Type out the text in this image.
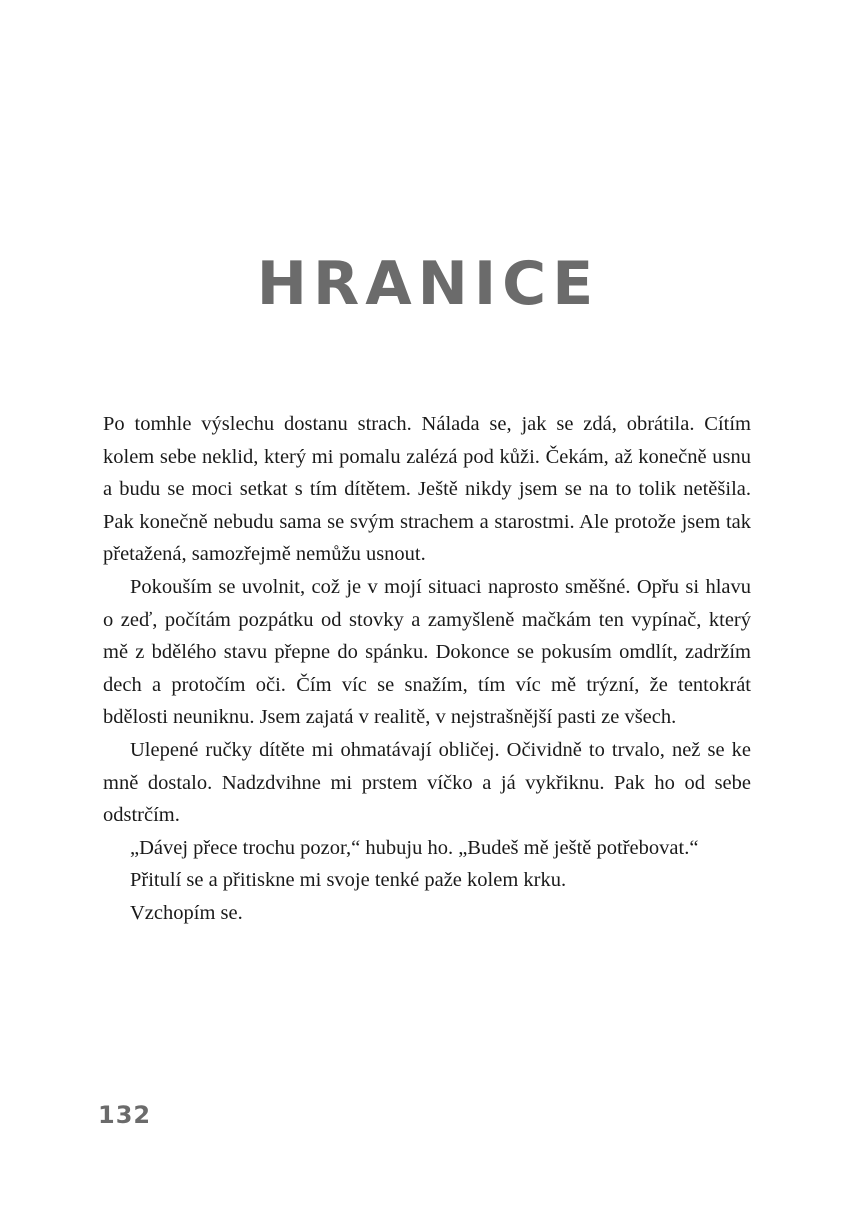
HRANICE

Po tomhle výslechu dostanu strach. Nálada se, jak se zdá, obrátila. Cítím kolem sebe neklid, který mi pomalu zalézá pod kůži. Čekám, až konečně usnu a budu se moci setkat s tím dítětem. Ještě nikdy jsem se na to tolik netěšila. Pak konečně nebudu sama se svým strachem a starostmi. Ale protože jsem tak přetažená, samozřejmě nemůžu usnout.

Pokouším se uvolnit, což je v mojí situaci naprosto směšné. Opřu si hlavu o zeď, počítám pozpátku od stovky a zamyšleně mačkám ten vypínač, který mě z bdělého stavu přepne do spánku. Dokonce se pokusím omdlít, zadržím dech a protočím oči. Čím víc se snažím, tím víc mě trýzní, že tentokrát bdělosti neuniknu. Jsem zajatá v realitě, v nejstrašnější pasti ze všech.

Ulepené ručky dítěte mi ohmatávají obličej. Očividně to trvalo, než se ke mně dostalo. Nadzdvihne mi prstem víčko a já vykřiknu. Pak ho od sebe odstrčím.

„Dávej přece trochu pozor,“ hubuju ho. „Budeš mě ještě potřebovat.“

Přitulí se a přitiskne mi svoje tenké paže kolem krku.

Vzchopím se.

132
